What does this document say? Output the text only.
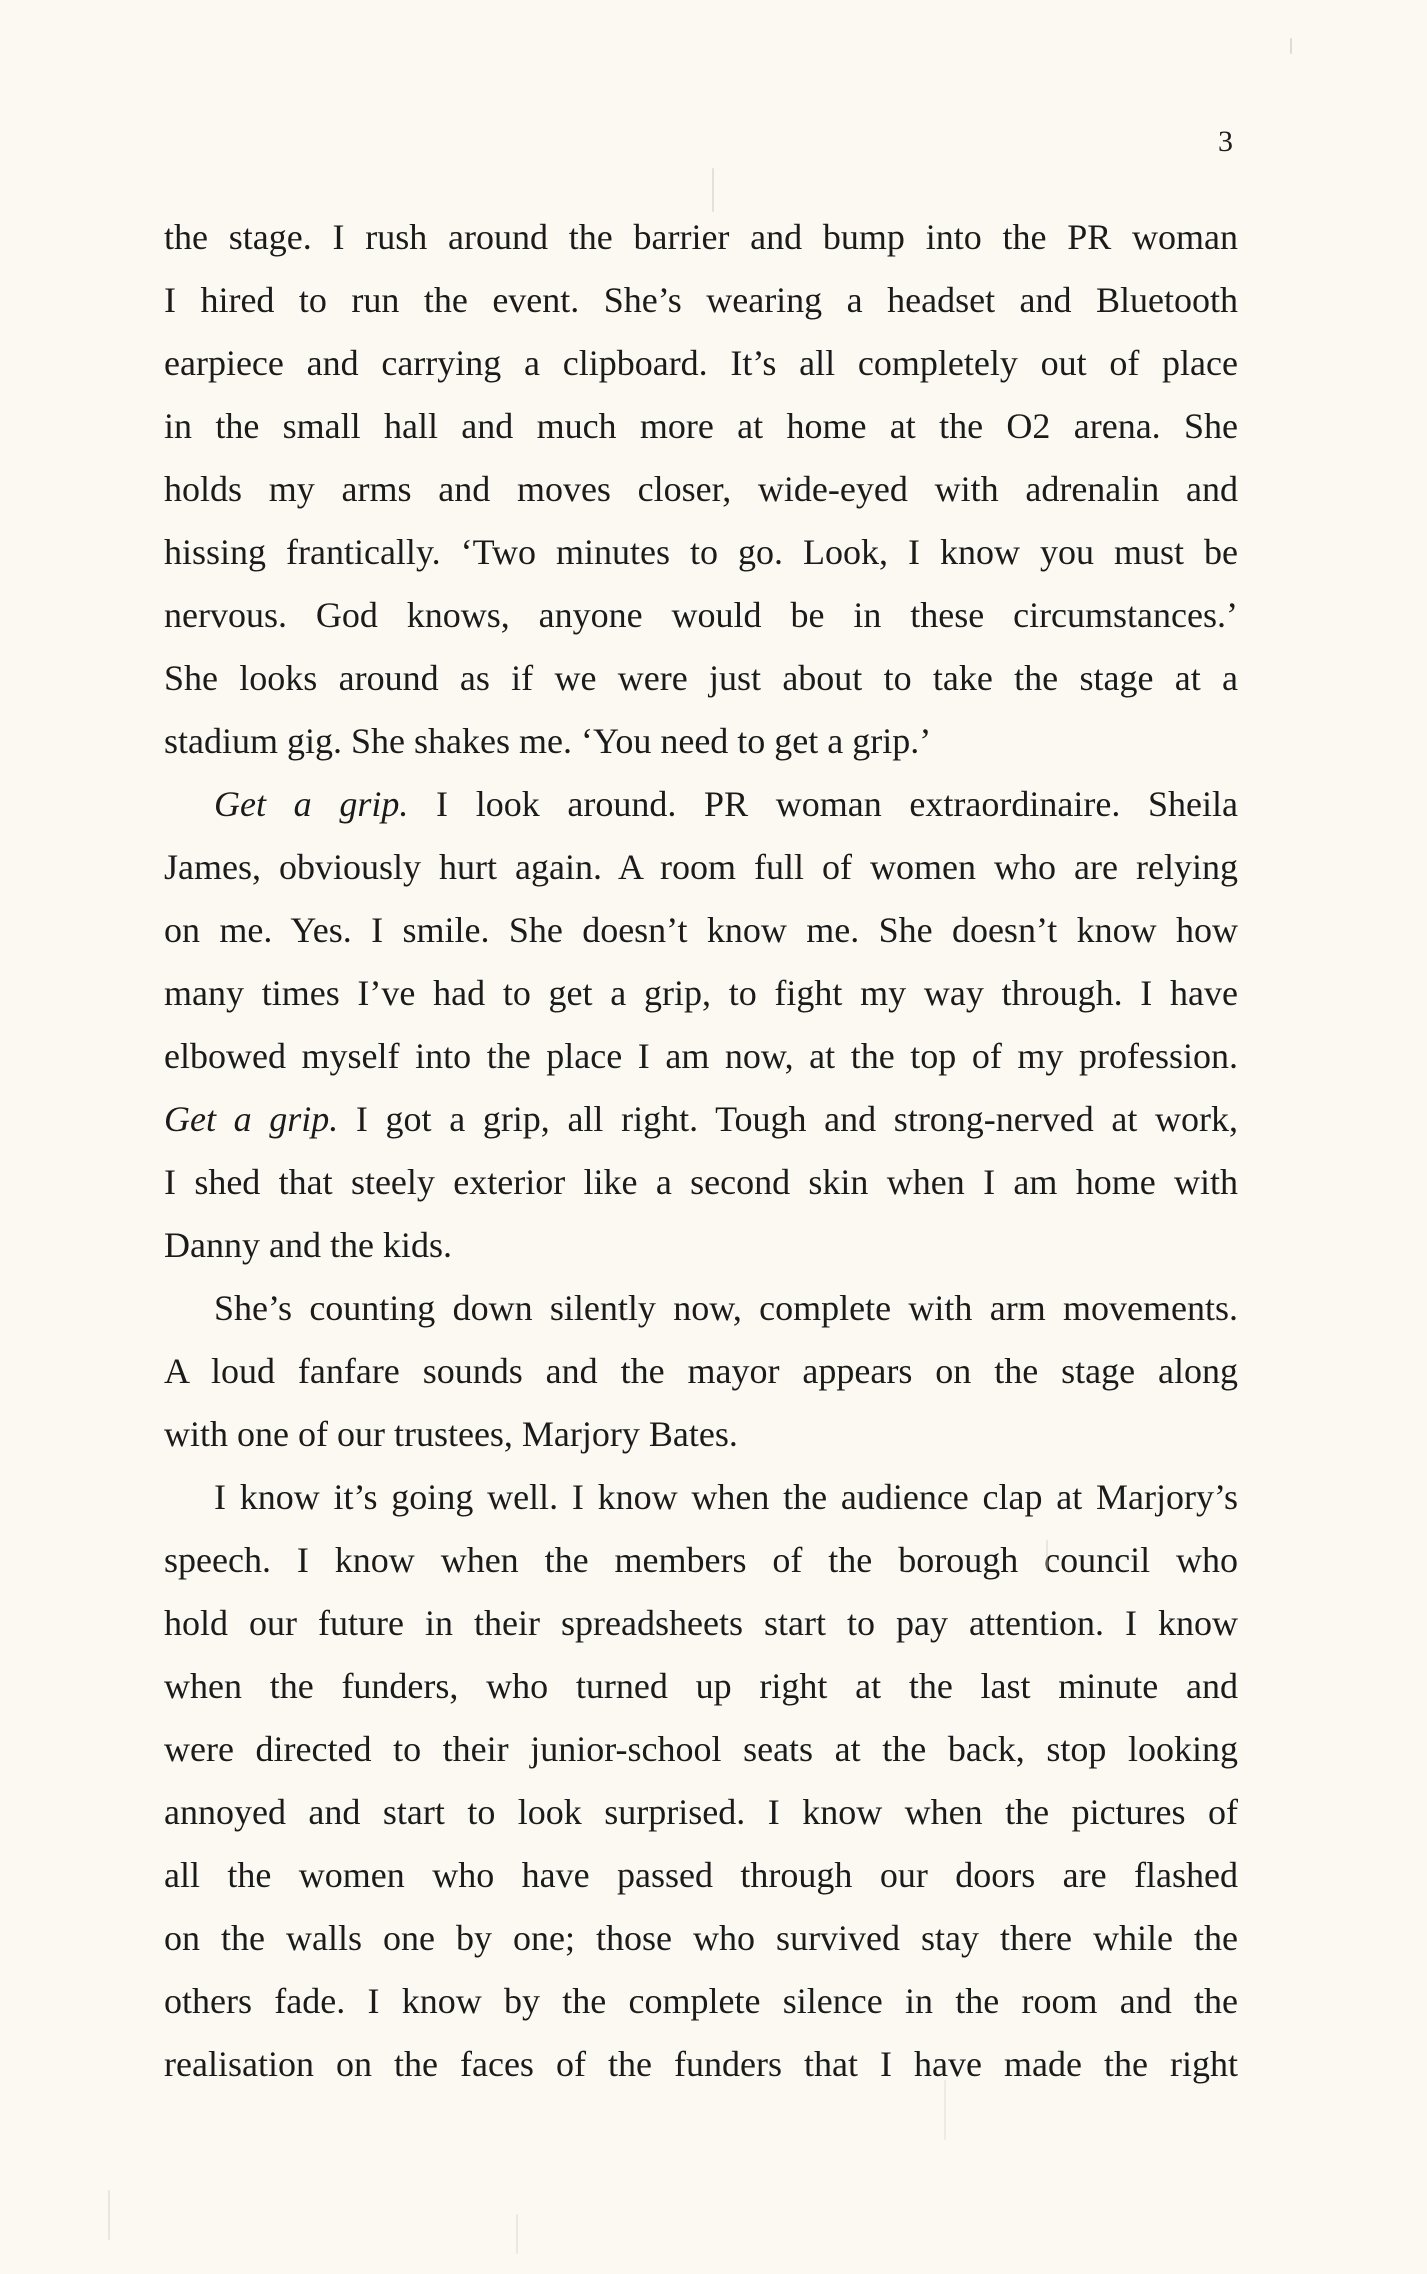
3
the stage. I rush around the barrier and bump into the PR woman
I hired to run the event. She’s wearing a headset and Bluetooth
earpiece and carrying a clipboard. It’s all completely out of place
in the small hall and much more at home at the O2 arena. She
holds my arms and moves closer, wide-eyed with adrenalin and
hissing frantically. ‘Two minutes to go. Look, I know you must be
nervous. God knows, anyone would be in these circumstances.’
She looks around as if we were just about to take the stage at a
stadium gig. She shakes me. ‘You need to get a grip.’
Get a grip. I look around. PR woman extraordinaire. Sheila
James, obviously hurt again. A room full of women who are relying
on me. Yes. I smile. She doesn’t know me. She doesn’t know how
many times I’ve had to get a grip, to fight my way through. I have
elbowed myself into the place I am now, at the top of my profession.
Get a grip. I got a grip, all right. Tough and strong-nerved at work,
I shed that steely exterior like a second skin when I am home with
Danny and the kids.
She’s counting down silently now, complete with arm movements.
A loud fanfare sounds and the mayor appears on the stage along
with one of our trustees, Marjory Bates.
I know it’s going well. I know when the audience clap at Marjory’s
speech. I know when the members of the borough council who
hold our future in their spreadsheets start to pay attention. I know
when the funders, who turned up right at the last minute and
were directed to their junior-school seats at the back, stop looking
annoyed and start to look surprised. I know when the pictures of
all the women who have passed through our doors are flashed
on the walls one by one; those who survived stay there while the
others fade. I know by the complete silence in the room and the
realisation on the faces of the funders that I have made the right
